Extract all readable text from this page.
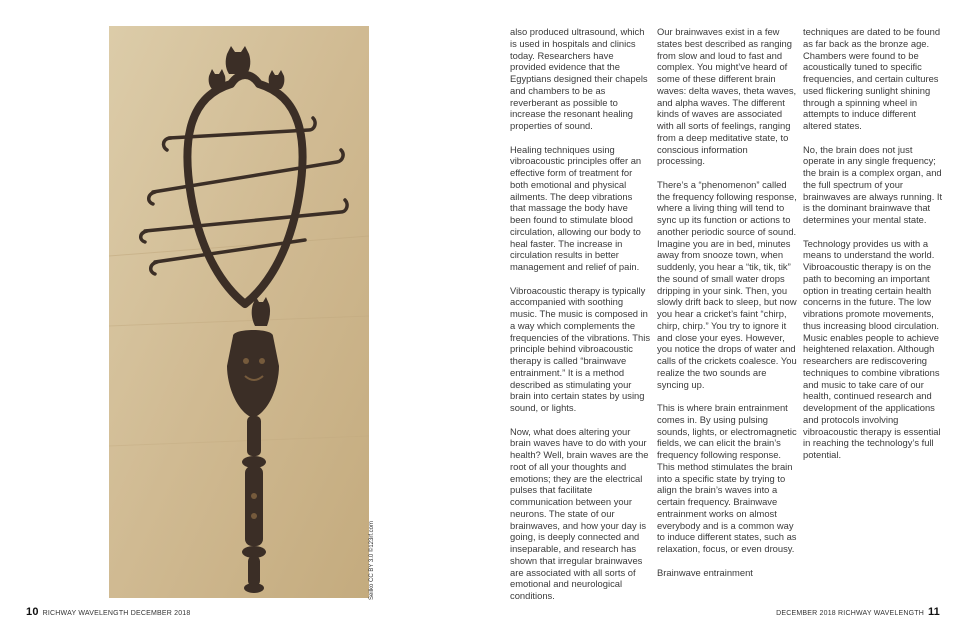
Seilko CC BY 3.0 ©123rf.com

also produced ultrasound, which is used in hospitals and clinics today. Researchers have provided evidence that the Egyptians designed their chapels and chambers to be as reverberant as possible to increase the resonant healing properties of sound.

Healing techniques using vibroacoustic principles offer an effective form of treatment for both emotional and physical ailments. The deep vibrations that massage the body have been found to stimulate blood circulation, allowing our body to heal faster. The increase in circulation results in better management and relief of pain.

Vibroacoustic therapy is typically accompanied with soothing music. The music is composed in a way which complements the frequencies of the vibrations. This principle behind vibroacoustic therapy is called “brainwave entrainment.” It is a method described as stimulating your brain into certain states by using sound, or lights.

Now, what does altering your brain waves have to do with your health? Well, brain waves are the root of all your thoughts and emotions; they are the electrical pulses that facilitate communication between your neurons. The state of our brainwaves, and how your day is going, is deeply connected and inseparable, and research has shown that irregular brainwaves are associated with all sorts of emotional and neurological conditions.

Our brainwaves exist in a few states best described as ranging from slow and loud to fast and complex. You might’ve heard of some of these different brain waves: delta waves, theta waves, and alpha waves. The different kinds of waves are associated with all sorts of feelings, ranging from a deep meditative state, to conscious information processing.

There’s a “phenomenon” called the frequency following response, where a living thing will tend to sync up its function or actions to another periodic source of sound. Imagine you are in bed, minutes away from snooze town, when suddenly, you hear a “tik, tik, tik” the sound of small water drops dripping in your sink. Then, you slowly drift back to sleep, but now you hear a cricket’s faint “chirp, chirp, chirp.” You try to ignore it and close your eyes. However, you notice the drops of water and calls of the crickets coalesce. You realize the two sounds are syncing up.

This is where brain entrainment comes in. By using pulsing sounds, lights, or electromagnetic fields, we can elicit the brain’s frequency following response. This method stimulates the brain into a specific state by trying to align the brain’s waves into a certain frequency. Brainwave entrainment works on almost everybody and is a common way to induce different states, such as relaxation, focus, or even drousy.

Brainwave entrainment

techniques are dated to be found as far back as the bronze age. Chambers were found to be acoustically tuned to specific frequencies, and certain cultures used flickering sunlight shining through a spinning wheel in attempts to induce different altered states.

No, the brain does not just operate in any single frequency; the brain is a complex organ, and the full spectrum of your brainwaves are always running. It is the dominant brainwave that determines your mental state.

Technology provides us with a means to understand the world. Vibroacoustic therapy is on the path to becoming an important option in treating certain health concerns in the future. The low vibrations promote movements, thus increasing blood circulation. Music enables people to achieve heightened relaxation. Although researchers are rediscovering techniques to combine vibrations and music to take care of our health, continued research and development of the applications and protocols involving vibroacoustic therapy is essential in reaching the technology’s full potential.

10 RICHWAY WAVELENGTH DECEMBER 2018	DECEMBER 2018 RICHWAY WAVELENGTH 11
